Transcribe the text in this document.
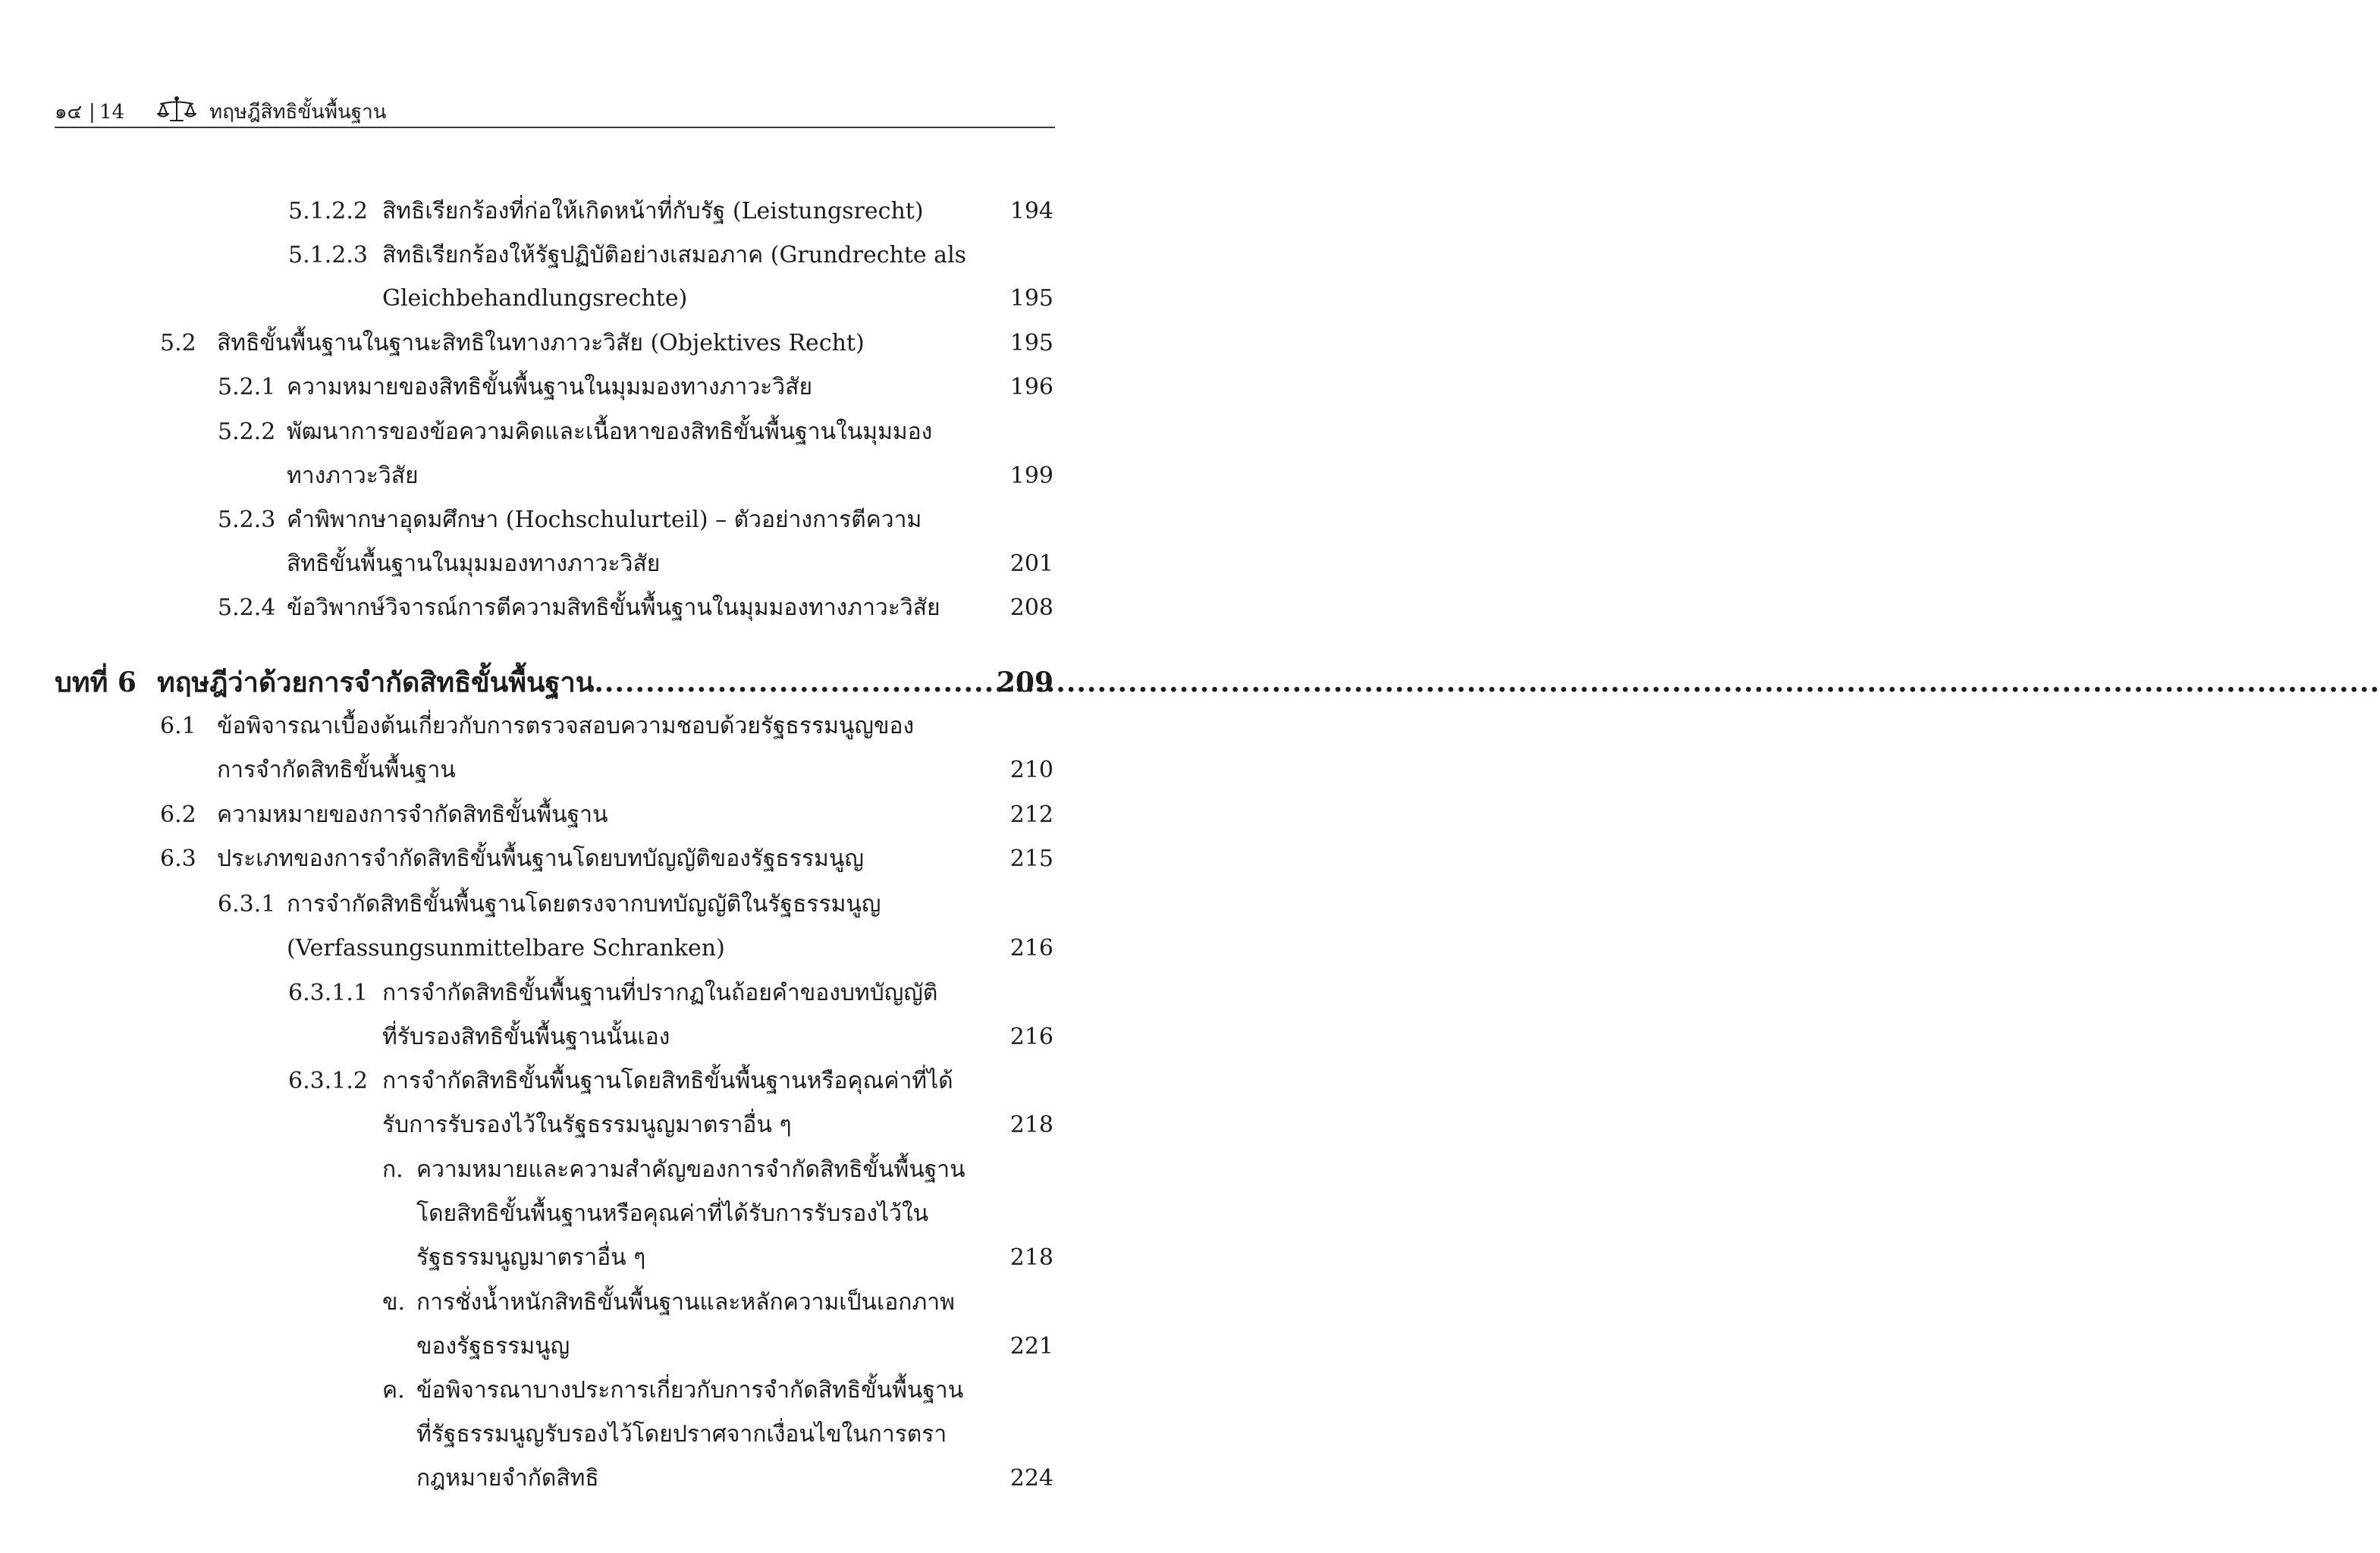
๑๔ | 14	ทฤษฎีสิทธิขั้นพื้นฐาน
5.1.2.2 สิทธิเรียกร้องที่ก่อให้เกิดหน้าที่กับรัฐ (Leistungsrecht)	194
5.1.2.3 สิทธิเรียกร้องให้รัฐปฏิบัติอย่างเสมอภาค (Grundrechte als
Gleichbehandlungsrechte)	195
5.2 สิทธิขั้นพื้นฐานในฐานะสิทธิในทางภาวะวิสัย (Objektives Recht)	195
5.2.1 ความหมายของสิทธิขั้นพื้นฐานในมุมมองทางภาวะวิสัย	196
5.2.2 พัฒนาการของข้อความคิดและเนื้อหาของสิทธิขั้นพื้นฐานในมุมมอง
ทางภาวะวิสัย	199
5.2.3 คำพิพากษาอุดมศึกษา (Hochschulurteil) – ตัวอย่างการตีความ
สิทธิขั้นพื้นฐานในมุมมองทางภาวะวิสัย	201
5.2.4 ข้อวิพากษ์วิจารณ์การตีความสิทธิขั้นพื้นฐานในมุมมองทางภาวะวิสัย	208
บทที่ 6 ทฤษฎีว่าด้วยการจำกัดสิทธิขั้นพื้นฐาน .....	209
6.1 ข้อพิจารณาเบื้องต้นเกี่ยวกับการตรวจสอบความชอบด้วยรัฐธรรมนูญของ
การจำกัดสิทธิขั้นพื้นฐาน	210
6.2 ความหมายของการจำกัดสิทธิขั้นพื้นฐาน	212
6.3 ประเภทของการจำกัดสิทธิขั้นพื้นฐานโดยบทบัญญัติของรัฐธรรมนูญ	215
6.3.1 การจำกัดสิทธิขั้นพื้นฐานโดยตรงจากบทบัญญัติในรัฐธรรมนูญ
(Verfassungsunmittelbare Schranken)	216
6.3.1.1 การจำกัดสิทธิขั้นพื้นฐานที่ปรากฏในถ้อยคำของบทบัญญัติ
ที่รับรองสิทธิขั้นพื้นฐานนั้นเอง	216
6.3.1.2 การจำกัดสิทธิขั้นพื้นฐานโดยสิทธิขั้นพื้นฐานหรือคุณค่าที่ได้
รับการรับรองไว้ในรัฐธรรมนูญมาตราอื่น ๆ	218
ก. ความหมายและความสำคัญของการจำกัดสิทธิขั้นพื้นฐาน
โดยสิทธิขั้นพื้นฐานหรือคุณค่าที่ได้รับการรับรองไว้ใน
รัฐธรรมนูญมาตราอื่น ๆ	218
ข. การชั่งน้ำหนักสิทธิขั้นพื้นฐานและหลักความเป็นเอกภาพ
ของรัฐธรรมนูญ	221
ค. ข้อพิจารณาบางประการเกี่ยวกับการจำกัดสิทธิขั้นพื้นฐาน
ที่รัฐธรรมนูญรับรองไว้โดยปราศจากเงื่อนไขในการตรา
กฎหมายจำกัดสิทธิ	224
